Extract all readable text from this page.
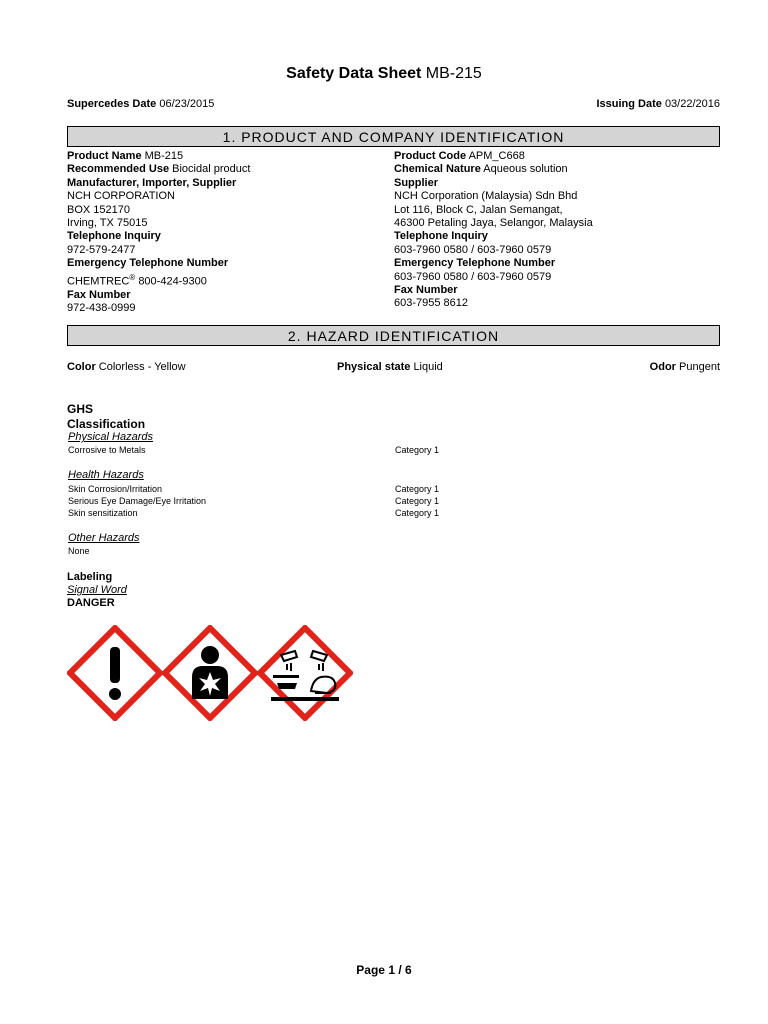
Safety Data Sheet MB-215
Supercedes Date 06/23/2015	Issuing Date 03/22/2016
1. PRODUCT AND COMPANY IDENTIFICATION
Product Name MB-215
Recommended Use Biocidal product
Manufacturer, Importer, Supplier
NCH CORPORATION
BOX 152170
Irving, TX 75015
Telephone Inquiry
972-579-2477
Emergency Telephone Number
CHEMTREC® 800-424-9300
Fax Number
972-438-0999
Product Code APM_C668
Chemical Nature Aqueous solution
Supplier
NCH Corporation (Malaysia) Sdn Bhd
Lot 116, Block C, Jalan Semangat,
46300 Petaling Jaya, Selangor, Malaysia
Telephone Inquiry
603-7960 0580 / 603-7960 0579
Emergency Telephone Number
603-7960 0580 / 603-7960 0579
Fax Number
603-7955 8612
2. HAZARD IDENTIFICATION
Color Colorless - Yellow	Physical state Liquid	Odor Pungent
GHS
Classification
Physical Hazards
Corrosive to Metals	Category 1
Health Hazards
Skin Corrosion/Irritation	Category 1
Serious Eye Damage/Eye Irritation	Category 1
Skin sensitization	Category 1
Other Hazards
None
Labeling
Signal Word
DANGER
Page 1 / 6
